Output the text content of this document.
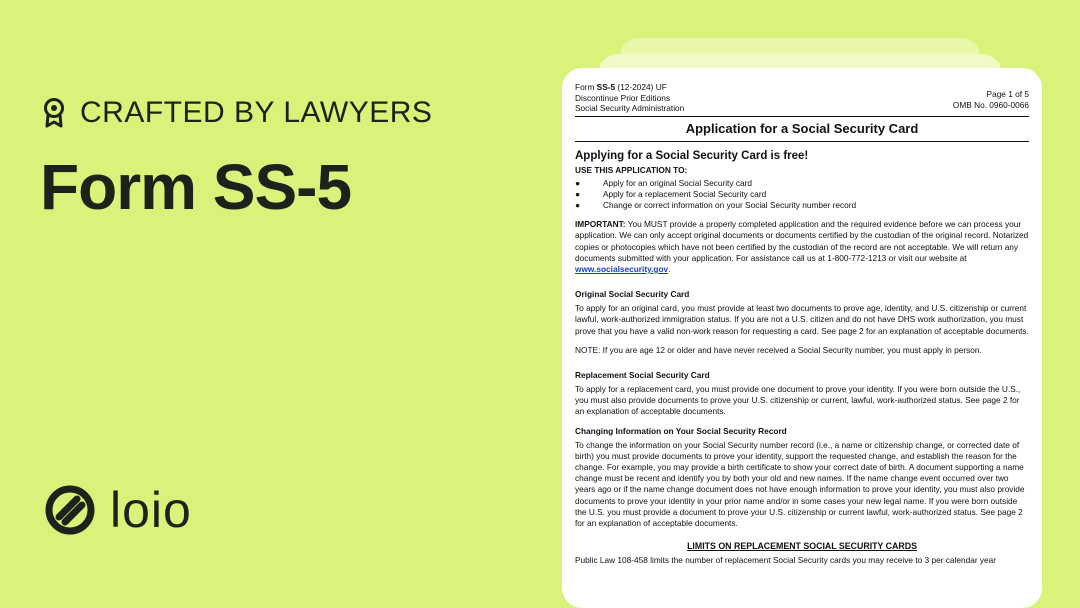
CRAFTED BY LAWYERS
Form SS-5
loio
Form SS-5 (12-2024) UF
Discontinue Prior Editions
Social Security Administration
Page 1 of 5
OMB No. 0960-0066
Application for a Social Security Card
Applying for a Social Security Card is free!
USE THIS APPLICATION TO:
●	Apply for an original Social Security card
●	Apply for a replacement Social Security card
●	Change or correct information on your Social Security number record

IMPORTANT: You MUST provide a properly completed application and the required evidence before we can process your application. We can only accept original documents or documents certified by the custodian of the original record. Notarized copies or photocopies which have not been certified by the custodian of the record are not acceptable. We will return any documents submitted with your application. For assistance call us at 1-800-772-1213 or visit our website at www.socialsecurity.gov.

Original Social Security Card

To apply for an original card, you must provide at least two documents to prove age, identity, and U.S. citizenship or current lawful, work-authorized immigration status. If you are not a U.S. citizen and do not have DHS work authorization, you must prove that you have a valid non-work reason for requesting a card. See page 2 for an explanation of acceptable documents.

NOTE: If you are age 12 or older and have never received a Social Security number, you must apply in person.

Replacement Social Security Card

To apply for a replacement card, you must provide one document to prove your identity. If you were born outside the U.S., you must also provide documents to prove your U.S. citizenship or current, lawful, work-authorized status. See page 2 for an explanation of acceptable documents.

Changing Information on Your Social Security Record

To change the information on your Social Security number record (i.e., a name or citizenship change, or corrected date of birth) you must provide documents to prove your identity, support the requested change, and establish the reason for the change. For example, you may provide a birth certificate to show your correct date of birth. A document supporting a name change must be recent and identify you by both your old and new names. If the name change event occurred over two years ago or if the name change document does not have enough information to prove your identity, you must also provide documents to prove your identity in your prior name and/or in some cases your new legal name. If you were born outside the U.S. you must provide a document to prove your U.S. citizenship or current lawful, work-authorized status. See page 2 for an explanation of acceptable documents.

LIMITS ON REPLACEMENT SOCIAL SECURITY CARDS

Public Law 108-458 limits the number of replacement Social Security cards you may receive to 3 per calendar year
